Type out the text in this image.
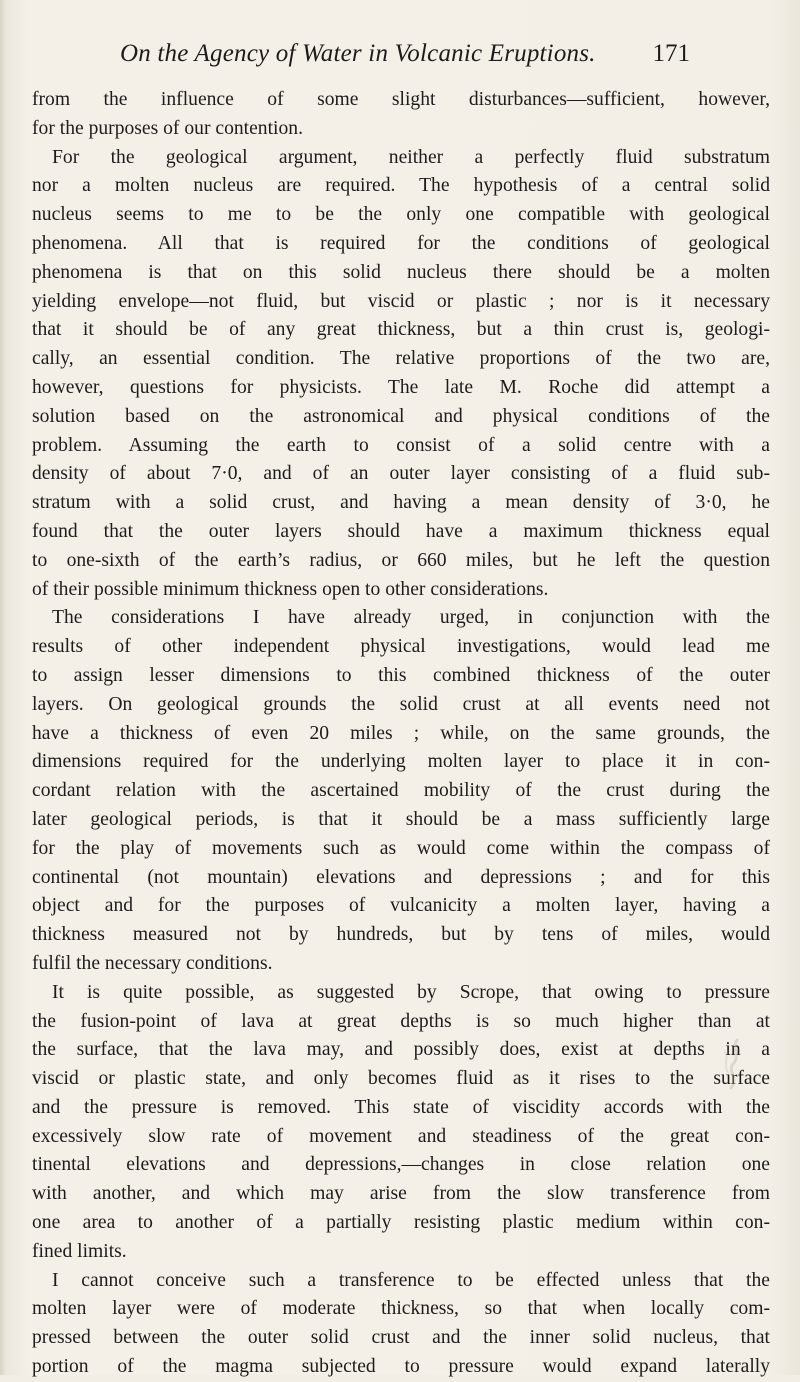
On the Agency of Water in Volcanic Eruptions. 171
from the influence of some slight disturbances—sufficient, however,
for the purposes of our contention.
For the geological argument, neither a perfectly fluid substratum
nor a molten nucleus are required. The hypothesis of a central solid
nucleus seems to me to be the only one compatible with geological
phenomena. All that is required for the conditions of geological
phenomena is that on this solid nucleus there should be a molten
yielding envelope—not fluid, but viscid or plastic ; nor is it necessary
that it should be of any great thickness, but a thin crust is, geologi-
cally, an essential condition. The relative proportions of the two are,
however, questions for physicists. The late M. Roche did attempt a
solution based on the astronomical and physical conditions of the
problem. Assuming the earth to consist of a solid centre with a
density of about 7·0, and of an outer layer consisting of a fluid sub-
stratum with a solid crust, and having a mean density of 3·0, he
found that the outer layers should have a maximum thickness equal
to one-sixth of the earth’s radius, or 660 miles, but he left the question
of their possible minimum thickness open to other considerations.
The considerations I have already urged, in conjunction with the
results of other independent physical investigations, would lead me
to assign lesser dimensions to this combined thickness of the outer
layers. On geological grounds the solid crust at all events need not
have a thickness of even 20 miles ; while, on the same grounds, the
dimensions required for the underlying molten layer to place it in con-
cordant relation with the ascertained mobility of the crust during the
later geological periods, is that it should be a mass sufficiently large
for the play of movements such as would come within the compass of
continental (not mountain) elevations and depressions ; and for this
object and for the purposes of vulcanicity a molten layer, having a
thickness measured not by hundreds, but by tens of miles, would
fulfil the necessary conditions.
It is quite possible, as suggested by Scrope, that owing to pressure
the fusion-point of lava at great depths is so much higher than at
the surface, that the lava may, and possibly does, exist at depths in a
viscid or plastic state, and only becomes fluid as it rises to the surface
and the pressure is removed. This state of viscidity accords with the
excessively slow rate of movement and steadiness of the great con-
tinental elevations and depressions,—changes in close relation one
with another, and which may arise from the slow transference from
one area to another of a partially resisting plastic medium within con-
fined limits.
I cannot conceive such a transference to be effected unless that the
molten layer were of moderate thickness, so that when locally com-
pressed between the outer solid crust and the inner solid nucleus, that
portion of the magma subjected to pressure would expand laterally
